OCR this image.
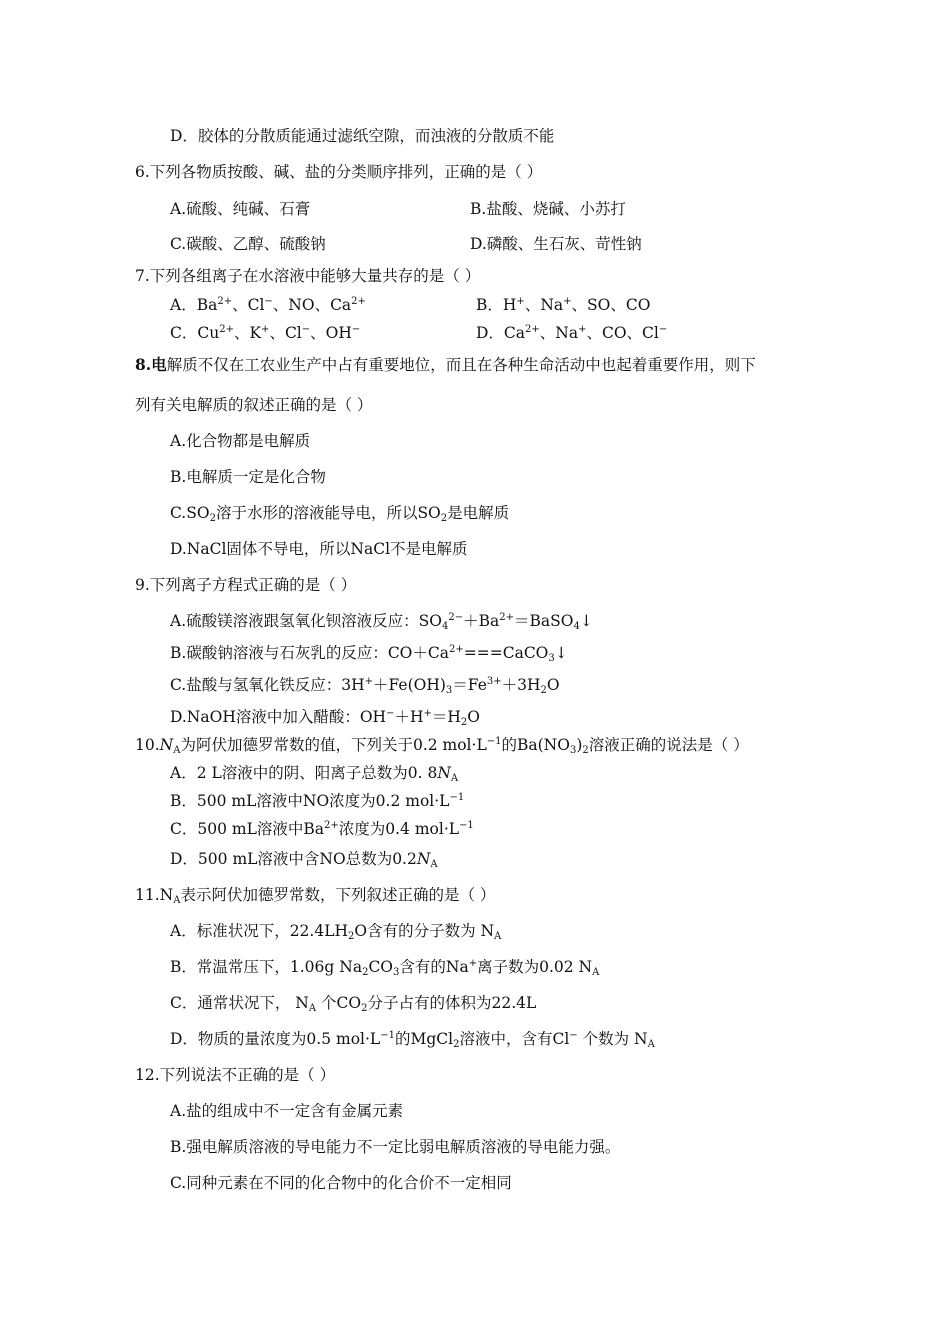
D．胶体的分散质能通过滤纸空隙，而浊液的分散质不能
6.下列各物质按酸、碱、盐的分类顺序排列，正确的是（ ）
A.硫酸、纯碱、石膏	B.盐酸、烧碱、小苏打
C.碳酸、乙醇、硫酸钠	D.磷酸、生石灰、苛性钠
7.下列各组离子在水溶液中能够大量共存的是（ ）
A．$Ba^{2+}$、Cl−、NO、$Ca^{2+}$	B．H+、Na+、SO、CO
C．$Cu^{2+}$、K+、Cl−、OH−	D．$Ca^{2+}$、Na+、CO、Cl−
8.电解质不仅在工农业生产中占有重要地位，而且在各种生命活动中也起着重要作用，则下
列有关电解质的叙述正确的是（ ）
A.化合物都是电解质
B.电解质一定是化合物
$C.SO_2$溶于水形的溶液能导电，所以$SO_2$是电解质
D.NaCl固体不导电，所以NaCl不是电解质
9.下列离子方程式正确的是（ ）
A.硫酸镁溶液跟氢氧化钡溶液反应：$SO_4^{2-}+Ba^{2+}=BaSO_4↓$
B.碳酸钠溶液与石灰乳的反应：$CO+Ca^{2+}===CaCO_3↓$
C.盐酸与氢氧化铁反应：$3H^++Fe(OH)_3=Fe^{3+}+3H_2O$
D.NaOH溶液中加入醋酸：$OH^-+H^+=H_2O$
$10.N_A$为阿伏加德罗常数的值，下列关于0.2 $mol\cdot L^{-1}$的$Ba(NO_3)_2$溶液正确的说法是（ ）
A．2 L溶液中的阴、阳离子总数为0. $8N_A$
B．500 mL溶液中NO浓度为0.2 $mol\cdot L^{-1}$
C．500 mL溶液中$Ba^{2+}$浓度为0.4 $mol\cdot L^{-1}$
D．500 mL溶液中含NO总数为$0.2N_A$
$11.N_A$表示阿伏加德罗常数，下列叙述正确的是（ ）
A．标准状况下，$22.4LH_2O$含有的分子数为 $N_A$
B．常温常压下，1.06g $Na_2CO_3$含有的Na+离子数为0.02 $N_A$
C．通常状况下， $N_A$ 个$CO_2$分子占有的体积为22.4L
D．物质的量浓度为0.5 $mol\cdot L^{-1}$的MgCl$_2$溶液中，含有Cl− 个数为 $N_A$
12.下列说法不正确的是（ ）
A.盐的组成中不一定含有金属元素
B.强电解质溶液的导电能力不一定比弱电解质溶液的导电能力强。
C.同种元素在不同的化合物中的化合价不一定相同
